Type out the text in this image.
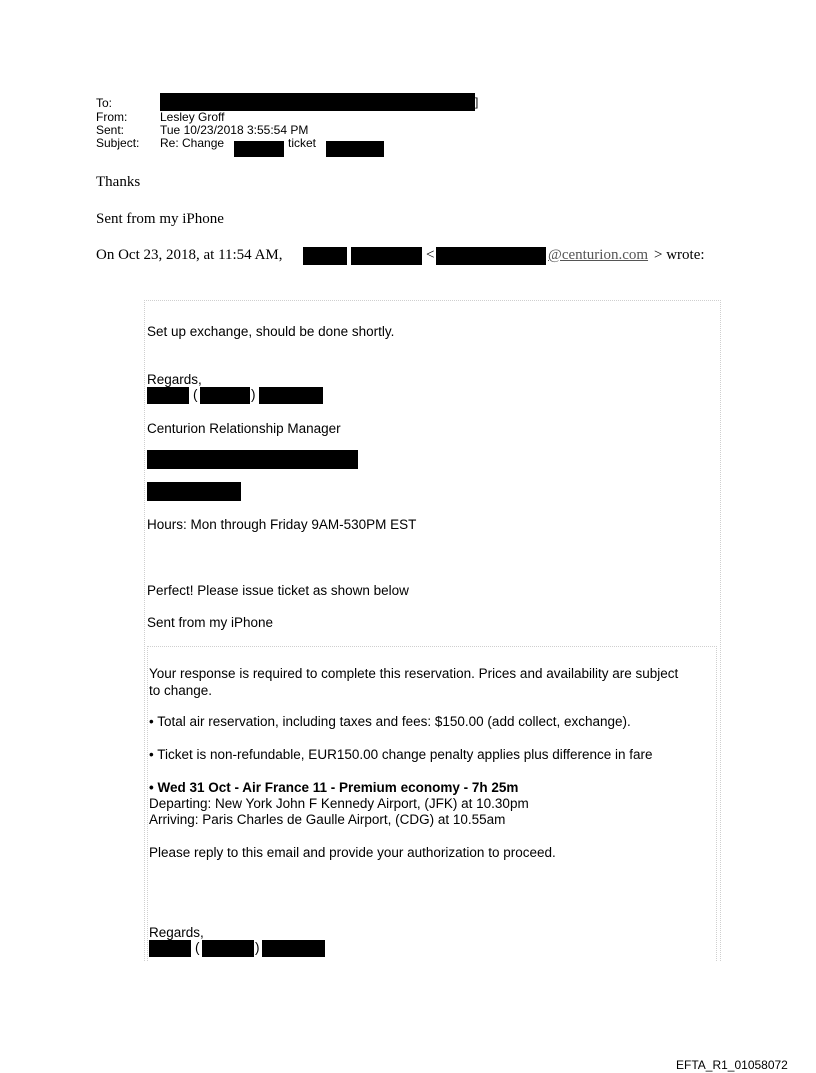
To:	]
From:	Lesley Groff
Sent:	Tue 10/23/2018 3:55:54 PM
Subject: Re: Change	ticket
Thanks
Sent from my iPhone
On Oct 23, 2018, at 11:54 AM,	<	@centurion.com > wrote:
Set up exchange, should be done shortly.
Regards,
(	)
Centurion Relationship Manager
Hours: Mon through Friday 9AM-530PM EST
Perfect! Please issue ticket as shown below
Sent from my iPhone
Your response is required to complete this reservation. Prices and availability are subject
to change.
• Total air reservation, including taxes and fees: $150.00 (add collect, exchange).
• Ticket is non-refundable, EUR150.00 change penalty applies plus difference in fare
• Wed 31 Oct - Air France 11 - Premium economy - 7h 25m
Departing: New York John F Kennedy Airport, (JFK) at 10.30pm
Arriving: Paris Charles de Gaulle Airport, (CDG) at 10.55am
Please reply to this email and provide your authorization to proceed.
Regards,
(	)
EFTA_R1_01058072
